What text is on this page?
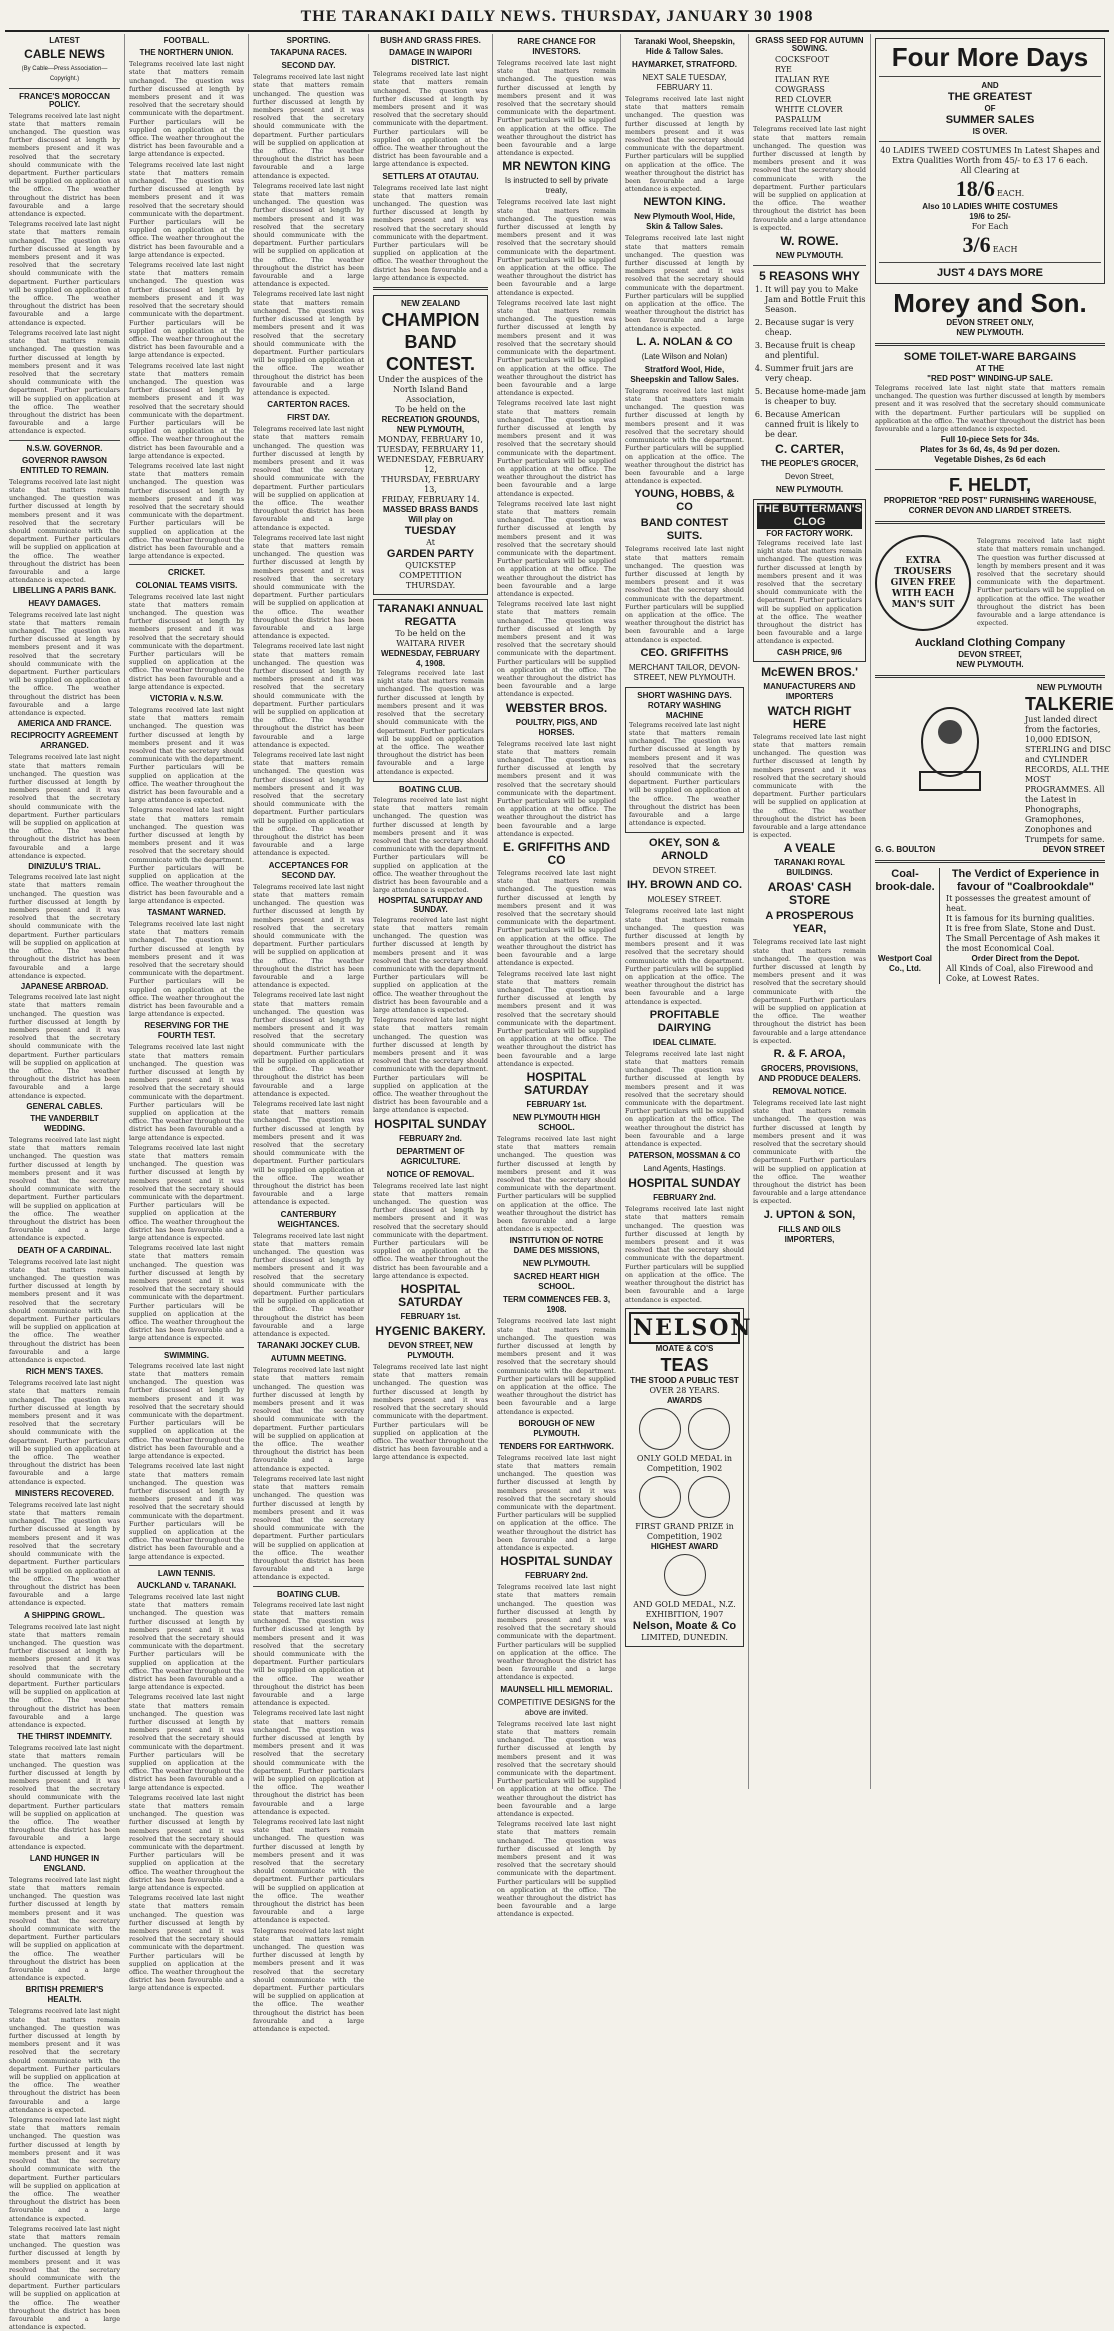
THE TARANAKI DAILY NEWS. THURSDAY, JANUARY 30 1908
LATEST
CABLE NEWS
(By Cable—Press Association—Copyright.)
FRANCE'S MOROCCAN POLICY.

Telegrams received late last night state that matters remain unchanged. The question was further discussed at length by members present and it was resolved that the secretary should communicate with the department. Further particulars will be supplied on application at the office. The weather throughout the district has been favourable and a large attendance is expected.

Telegrams received late last night state that matters remain unchanged. The question was further discussed at length by members present and it was resolved that the secretary should communicate with the department. Further particulars will be supplied on application at the office. The weather throughout the district has been favourable and a large attendance is expected.

Telegrams received late last night state that matters remain unchanged. The question was further discussed at length by members present and it was resolved that the secretary should communicate with the department. Further particulars will be supplied on application at the office. The weather throughout the district has been favourable and a large attendance is expected.

N.S.W. GOVERNOR.
GOVERNOR RAWSON ENTITLED TO REMAIN.

Telegrams received late last night state that matters remain unchanged. The question was further discussed at length by members present and it was resolved that the secretary should communicate with the department. Further particulars will be supplied on application at the office. The weather throughout the district has been favourable and a large attendance is expected.

LIBELLING A PARIS BANK.
HEAVY DAMAGES.

Telegrams received late last night state that matters remain unchanged. The question was further discussed at length by members present and it was resolved that the secretary should communicate with the department. Further particulars will be supplied on application at the office. The weather throughout the district has been favourable and a large attendance is expected.

AMERICA AND FRANCE.
RECIPROCITY AGREEMENT ARRANGED.

Telegrams received late last night state that matters remain unchanged. The question was further discussed at length by members present and it was resolved that the secretary should communicate with the department. Further particulars will be supplied on application at the office. The weather throughout the district has been favourable and a large attendance is expected.

DINIZULU'S TRIAL.

Telegrams received late last night state that matters remain unchanged. The question was further discussed at length by members present and it was resolved that the secretary should communicate with the department. Further particulars will be supplied on application at the office. The weather throughout the district has been favourable and a large attendance is expected.

JAPANESE ARBROAD.

Telegrams received late last night state that matters remain unchanged. The question was further discussed at length by members present and it was resolved that the secretary should communicate with the department. Further particulars will be supplied on application at the office. The weather throughout the district has been favourable and a large attendance is expected.

GENERAL CABLES.
THE VANDERBILT WEDDING.

Telegrams received late last night state that matters remain unchanged. The question was further discussed at length by members present and it was resolved that the secretary should communicate with the department. Further particulars will be supplied on application at the office. The weather throughout the district has been favourable and a large attendance is expected.

DEATH OF A CARDINAL.

Telegrams received late last night state that matters remain unchanged. The question was further discussed at length by members present and it was resolved that the secretary should communicate with the department. Further particulars will be supplied on application at the office. The weather throughout the district has been favourable and a large attendance is expected.

RICH MEN'S TAXES.

Telegrams received late last night state that matters remain unchanged. The question was further discussed at length by members present and it was resolved that the secretary should communicate with the department. Further particulars will be supplied on application at the office. The weather throughout the district has been favourable and a large attendance is expected.

MINISTERS RECOVERED.

Telegrams received late last night state that matters remain unchanged. The question was further discussed at length by members present and it was resolved that the secretary should communicate with the department. Further particulars will be supplied on application at the office. The weather throughout the district has been favourable and a large attendance is expected.

A SHIPPING GROWL.

Telegrams received late last night state that matters remain unchanged. The question was further discussed at length by members present and it was resolved that the secretary should communicate with the department. Further particulars will be supplied on application at the office. The weather throughout the district has been favourable and a large attendance is expected.

THE THIRST INDEMNITY.

Telegrams received late last night state that matters remain unchanged. The question was further discussed at length by members present and it was resolved that the secretary should communicate with the department. Further particulars will be supplied on application at the office. The weather throughout the district has been favourable and a large attendance is expected.

LAND HUNGER IN ENGLAND.

Telegrams received late last night state that matters remain unchanged. The question was further discussed at length by members present and it was resolved that the secretary should communicate with the department. Further particulars will be supplied on application at the office. The weather throughout the district has been favourable and a large attendance is expected.

BRITISH PREMIER'S HEALTH.

Telegrams received late last night state that matters remain unchanged. The question was further discussed at length by members present and it was resolved that the secretary should communicate with the department. Further particulars will be supplied on application at the office. The weather throughout the district has been favourable and a large attendance is expected.

Telegrams received late last night state that matters remain unchanged. The question was further discussed at length by members present and it was resolved that the secretary should communicate with the department. Further particulars will be supplied on application at the office. The weather throughout the district has been favourable and a large attendance is expected.

Telegrams received late last night state that matters remain unchanged. The question was further discussed at length by members present and it was resolved that the secretary should communicate with the department. Further particulars will be supplied on application at the office. The weather throughout the district has been favourable and a large attendance is expected.

FOOTBALL.
THE NORTHERN UNION.

Telegrams received late last night state that matters remain unchanged. The question was further discussed at length by members present and it was resolved that the secretary should communicate with the department. Further particulars will be supplied on application at the office. The weather throughout the district has been favourable and a large attendance is expected.

Telegrams received late last night state that matters remain unchanged. The question was further discussed at length by members present and it was resolved that the secretary should communicate with the department. Further particulars will be supplied on application at the office. The weather throughout the district has been favourable and a large attendance is expected.

Telegrams received late last night state that matters remain unchanged. The question was further discussed at length by members present and it was resolved that the secretary should communicate with the department. Further particulars will be supplied on application at the office. The weather throughout the district has been favourable and a large attendance is expected.

Telegrams received late last night state that matters remain unchanged. The question was further discussed at length by members present and it was resolved that the secretary should communicate with the department. Further particulars will be supplied on application at the office. The weather throughout the district has been favourable and a large attendance is expected.

Telegrams received late last night state that matters remain unchanged. The question was further discussed at length by members present and it was resolved that the secretary should communicate with the department. Further particulars will be supplied on application at the office. The weather throughout the district has been favourable and a large attendance is expected.

CRICKET.
COLONIAL TEAMS VISITS.

Telegrams received late last night state that matters remain unchanged. The question was further discussed at length by members present and it was resolved that the secretary should communicate with the department. Further particulars will be supplied on application at the office. The weather throughout the district has been favourable and a large attendance is expected.

VICTORIA v. N.S.W.

Telegrams received late last night state that matters remain unchanged. The question was further discussed at length by members present and it was resolved that the secretary should communicate with the department. Further particulars will be supplied on application at the office. The weather throughout the district has been favourable and a large attendance is expected.

Telegrams received late last night state that matters remain unchanged. The question was further discussed at length by members present and it was resolved that the secretary should communicate with the department. Further particulars will be supplied on application at the office. The weather throughout the district has been favourable and a large attendance is expected.

TASMANT WARNED.

Telegrams received late last night state that matters remain unchanged. The question was further discussed at length by members present and it was resolved that the secretary should communicate with the department. Further particulars will be supplied on application at the office. The weather throughout the district has been favourable and a large attendance is expected.

RESERVING FOR THE FOURTH TEST.

Telegrams received late last night state that matters remain unchanged. The question was further discussed at length by members present and it was resolved that the secretary should communicate with the department. Further particulars will be supplied on application at the office. The weather throughout the district has been favourable and a large attendance is expected.

Telegrams received late last night state that matters remain unchanged. The question was further discussed at length by members present and it was resolved that the secretary should communicate with the department. Further particulars will be supplied on application at the office. The weather throughout the district has been favourable and a large attendance is expected.

Telegrams received late last night state that matters remain unchanged. The question was further discussed at length by members present and it was resolved that the secretary should communicate with the department. Further particulars will be supplied on application at the office. The weather throughout the district has been favourable and a large attendance is expected.

SWIMMING.

Telegrams received late last night state that matters remain unchanged. The question was further discussed at length by members present and it was resolved that the secretary should communicate with the department. Further particulars will be supplied on application at the office. The weather throughout the district has been favourable and a large attendance is expected.

Telegrams received late last night state that matters remain unchanged. The question was further discussed at length by members present and it was resolved that the secretary should communicate with the department. Further particulars will be supplied on application at the office. The weather throughout the district has been favourable and a large attendance is expected.

LAWN TENNIS.
AUCKLAND v. TARANAKI.

Telegrams received late last night state that matters remain unchanged. The question was further discussed at length by members present and it was resolved that the secretary should communicate with the department. Further particulars will be supplied on application at the office. The weather throughout the district has been favourable and a large attendance is expected.

Telegrams received late last night state that matters remain unchanged. The question was further discussed at length by members present and it was resolved that the secretary should communicate with the department. Further particulars will be supplied on application at the office. The weather throughout the district has been favourable and a large attendance is expected.

Telegrams received late last night state that matters remain unchanged. The question was further discussed at length by members present and it was resolved that the secretary should communicate with the department. Further particulars will be supplied on application at the office. The weather throughout the district has been favourable and a large attendance is expected.

Telegrams received late last night state that matters remain unchanged. The question was further discussed at length by members present and it was resolved that the secretary should communicate with the department. Further particulars will be supplied on application at the office. The weather throughout the district has been favourable and a large attendance is expected.

SPORTING.
TAKAPUNA RACES.
SECOND DAY.

Telegrams received late last night state that matters remain unchanged. The question was further discussed at length by members present and it was resolved that the secretary should communicate with the department. Further particulars will be supplied on application at the office. The weather throughout the district has been favourable and a large attendance is expected.

Telegrams received late last night state that matters remain unchanged. The question was further discussed at length by members present and it was resolved that the secretary should communicate with the department. Further particulars will be supplied on application at the office. The weather throughout the district has been favourable and a large attendance is expected.

Telegrams received late last night state that matters remain unchanged. The question was further discussed at length by members present and it was resolved that the secretary should communicate with the department. Further particulars will be supplied on application at the office. The weather throughout the district has been favourable and a large attendance is expected.

CARTERTON RACES.
FIRST DAY.

Telegrams received late last night state that matters remain unchanged. The question was further discussed at length by members present and it was resolved that the secretary should communicate with the department. Further particulars will be supplied on application at the office. The weather throughout the district has been favourable and a large attendance is expected.

Telegrams received late last night state that matters remain unchanged. The question was further discussed at length by members present and it was resolved that the secretary should communicate with the department. Further particulars will be supplied on application at the office. The weather throughout the district has been favourable and a large attendance is expected.

Telegrams received late last night state that matters remain unchanged. The question was further discussed at length by members present and it was resolved that the secretary should communicate with the department. Further particulars will be supplied on application at the office. The weather throughout the district has been favourable and a large attendance is expected.

Telegrams received late last night state that matters remain unchanged. The question was further discussed at length by members present and it was resolved that the secretary should communicate with the department. Further particulars will be supplied on application at the office. The weather throughout the district has been favourable and a large attendance is expected.

ACCEPTANCES FOR SECOND DAY.

Telegrams received late last night state that matters remain unchanged. The question was further discussed at length by members present and it was resolved that the secretary should communicate with the department. Further particulars will be supplied on application at the office. The weather throughout the district has been favourable and a large attendance is expected.

Telegrams received late last night state that matters remain unchanged. The question was further discussed at length by members present and it was resolved that the secretary should communicate with the department. Further particulars will be supplied on application at the office. The weather throughout the district has been favourable and a large attendance is expected.

Telegrams received late last night state that matters remain unchanged. The question was further discussed at length by members present and it was resolved that the secretary should communicate with the department. Further particulars will be supplied on application at the office. The weather throughout the district has been favourable and a large attendance is expected.

CANTERBURY WEIGHTANCES.

Telegrams received late last night state that matters remain unchanged. The question was further discussed at length by members present and it was resolved that the secretary should communicate with the department. Further particulars will be supplied on application at the office. The weather throughout the district has been favourable and a large attendance is expected.

TARANAKI JOCKEY CLUB.
AUTUMN MEETING.

Telegrams received late last night state that matters remain unchanged. The question was further discussed at length by members present and it was resolved that the secretary should communicate with the department. Further particulars will be supplied on application at the office. The weather throughout the district has been favourable and a large attendance is expected.

Telegrams received late last night state that matters remain unchanged. The question was further discussed at length by members present and it was resolved that the secretary should communicate with the department. Further particulars will be supplied on application at the office. The weather throughout the district has been favourable and a large attendance is expected.

BOATING CLUB.

Telegrams received late last night state that matters remain unchanged. The question was further discussed at length by members present and it was resolved that the secretary should communicate with the department. Further particulars will be supplied on application at the office. The weather throughout the district has been favourable and a large attendance is expected.

Telegrams received late last night state that matters remain unchanged. The question was further discussed at length by members present and it was resolved that the secretary should communicate with the department. Further particulars will be supplied on application at the office. The weather throughout the district has been favourable and a large attendance is expected.

Telegrams received late last night state that matters remain unchanged. The question was further discussed at length by members present and it was resolved that the secretary should communicate with the department. Further particulars will be supplied on application at the office. The weather throughout the district has been favourable and a large attendance is expected.

Telegrams received late last night state that matters remain unchanged. The question was further discussed at length by members present and it was resolved that the secretary should communicate with the department. Further particulars will be supplied on application at the office. The weather throughout the district has been favourable and a large attendance is expected.

BUSH AND GRASS FIRES.
DAMAGE IN WAIPORI DISTRICT.

Telegrams received late last night state that matters remain unchanged. The question was further discussed at length by members present and it was resolved that the secretary should communicate with the department. Further particulars will be supplied on application at the office. The weather throughout the district has been favourable and a large attendance is expected.

SETTLERS AT OTAUTAU.

Telegrams received late last night state that matters remain unchanged. The question was further discussed at length by members present and it was resolved that the secretary should communicate with the department. Further particulars will be supplied on application at the office. The weather throughout the district has been favourable and a large attendance is expected.

NEW ZEALAND
CHAMPION BAND CONTEST.
Under the auspices of the North Island Band Association,
To be held on the
RECREATION GROUNDS, NEW PLYMOUTH,
MONDAY, FEBRUARY 10,
TUESDAY, FEBRUARY 11,
WEDNESDAY, FEBRUARY 12,
THURSDAY, FEBRUARY 13,
FRIDAY, FEBRUARY 14.
MASSED BRASS BANDS Will play on
TUESDAY
At
GARDEN PARTY
QUICKSTEP COMPETITION THURSDAY.
TARANAKI ANNUAL REGATTA
To be held on the WAITARA RIVER
WEDNESDAY, FEBRUARY 4, 1908.

Telegrams received late last night state that matters remain unchanged. The question was further discussed at length by members present and it was resolved that the secretary should communicate with the department. Further particulars will be supplied on application at the office. The weather throughout the district has been favourable and a large attendance is expected.

BOATING CLUB.

Telegrams received late last night state that matters remain unchanged. The question was further discussed at length by members present and it was resolved that the secretary should communicate with the department. Further particulars will be supplied on application at the office. The weather throughout the district has been favourable and a large attendance is expected.

HOSPITAL SATURDAY AND SUNDAY.

Telegrams received late last night state that matters remain unchanged. The question was further discussed at length by members present and it was resolved that the secretary should communicate with the department. Further particulars will be supplied on application at the office. The weather throughout the district has been favourable and a large attendance is expected.

Telegrams received late last night state that matters remain unchanged. The question was further discussed at length by members present and it was resolved that the secretary should communicate with the department. Further particulars will be supplied on application at the office. The weather throughout the district has been favourable and a large attendance is expected.

HOSPITAL SUNDAY
FEBRUARY 2nd.
DEPARTMENT OF AGRICULTURE.
NOTICE OF REMOVAL.

Telegrams received late last night state that matters remain unchanged. The question was further discussed at length by members present and it was resolved that the secretary should communicate with the department. Further particulars will be supplied on application at the office. The weather throughout the district has been favourable and a large attendance is expected.

HOSPITAL SATURDAY
FEBRUARY 1st.
HYGENIC BAKERY.
DEVON STREET, NEW PLYMOUTH.

Telegrams received late last night state that matters remain unchanged. The question was further discussed at length by members present and it was resolved that the secretary should communicate with the department. Further particulars will be supplied on application at the office. The weather throughout the district has been favourable and a large attendance is expected.

RARE CHANCE FOR INVESTORS.

Telegrams received late last night state that matters remain unchanged. The question was further discussed at length by members present and it was resolved that the secretary should communicate with the department. Further particulars will be supplied on application at the office. The weather throughout the district has been favourable and a large attendance is expected.

MR NEWTON KING
Is instructed to sell by private treaty,

Telegrams received late last night state that matters remain unchanged. The question was further discussed at length by members present and it was resolved that the secretary should communicate with the department. Further particulars will be supplied on application at the office. The weather throughout the district has been favourable and a large attendance is expected.

Telegrams received late last night state that matters remain unchanged. The question was further discussed at length by members present and it was resolved that the secretary should communicate with the department. Further particulars will be supplied on application at the office. The weather throughout the district has been favourable and a large attendance is expected.

Telegrams received late last night state that matters remain unchanged. The question was further discussed at length by members present and it was resolved that the secretary should communicate with the department. Further particulars will be supplied on application at the office. The weather throughout the district has been favourable and a large attendance is expected.

Telegrams received late last night state that matters remain unchanged. The question was further discussed at length by members present and it was resolved that the secretary should communicate with the department. Further particulars will be supplied on application at the office. The weather throughout the district has been favourable and a large attendance is expected.

Telegrams received late last night state that matters remain unchanged. The question was further discussed at length by members present and it was resolved that the secretary should communicate with the department. Further particulars will be supplied on application at the office. The weather throughout the district has been favourable and a large attendance is expected.

WEBSTER BROS.
POULTRY, PIGS, AND HORSES.

Telegrams received late last night state that matters remain unchanged. The question was further discussed at length by members present and it was resolved that the secretary should communicate with the department. Further particulars will be supplied on application at the office. The weather throughout the district has been favourable and a large attendance is expected.

E. GRIFFITHS AND CO

Telegrams received late last night state that matters remain unchanged. The question was further discussed at length by members present and it was resolved that the secretary should communicate with the department. Further particulars will be supplied on application at the office. The weather throughout the district has been favourable and a large attendance is expected.

Telegrams received late last night state that matters remain unchanged. The question was further discussed at length by members present and it was resolved that the secretary should communicate with the department. Further particulars will be supplied on application at the office. The weather throughout the district has been favourable and a large attendance is expected.

HOSPITAL SATURDAY
FEBRUARY 1st.
NEW PLYMOUTH HIGH SCHOOL.

Telegrams received late last night state that matters remain unchanged. The question was further discussed at length by members present and it was resolved that the secretary should communicate with the department. Further particulars will be supplied on application at the office. The weather throughout the district has been favourable and a large attendance is expected.

INSTITUTION OF NOTRE DAME DES MISSIONS,
NEW PLYMOUTH.
SACRED HEART HIGH SCHOOL.
TERM COMMENCES FEB. 3, 1908.

Telegrams received late last night state that matters remain unchanged. The question was further discussed at length by members present and it was resolved that the secretary should communicate with the department. Further particulars will be supplied on application at the office. The weather throughout the district has been favourable and a large attendance is expected.

BOROUGH OF NEW PLYMOUTH.
TENDERS FOR EARTHWORK.

Telegrams received late last night state that matters remain unchanged. The question was further discussed at length by members present and it was resolved that the secretary should communicate with the department. Further particulars will be supplied on application at the office. The weather throughout the district has been favourable and a large attendance is expected.

HOSPITAL SUNDAY
FEBRUARY 2nd.

Telegrams received late last night state that matters remain unchanged. The question was further discussed at length by members present and it was resolved that the secretary should communicate with the department. Further particulars will be supplied on application at the office. The weather throughout the district has been favourable and a large attendance is expected.

MAUNSELL HILL MEMORIAL.
COMPETITIVE DESIGNS for the above are invited.

Telegrams received late last night state that matters remain unchanged. The question was further discussed at length by members present and it was resolved that the secretary should communicate with the department. Further particulars will be supplied on application at the office. The weather throughout the district has been favourable and a large attendance is expected.

Telegrams received late last night state that matters remain unchanged. The question was further discussed at length by members present and it was resolved that the secretary should communicate with the department. Further particulars will be supplied on application at the office. The weather throughout the district has been favourable and a large attendance is expected.

Taranaki Wool, Sheepskin, Hide & Tallow Sales.
HAYMARKET, STRATFORD.
NEXT SALE TUESDAY, FEBRUARY 11.

Telegrams received late last night state that matters remain unchanged. The question was further discussed at length by members present and it was resolved that the secretary should communicate with the department. Further particulars will be supplied on application at the office. The weather throughout the district has been favourable and a large attendance is expected.

NEWTON KING.
New Plymouth Wool, Hide, Skin & Tallow Sales.

Telegrams received late last night state that matters remain unchanged. The question was further discussed at length by members present and it was resolved that the secretary should communicate with the department. Further particulars will be supplied on application at the office. The weather throughout the district has been favourable and a large attendance is expected.

L. A. NOLAN & CO
(Late Wilson and Nolan)
Stratford Wool, Hide, Sheepskin and Tallow Sales.

Telegrams received late last night state that matters remain unchanged. The question was further discussed at length by members present and it was resolved that the secretary should communicate with the department. Further particulars will be supplied on application at the office. The weather throughout the district has been favourable and a large attendance is expected.

YOUNG, HOBBS, & CO
BAND CONTEST SUITS.

Telegrams received late last night state that matters remain unchanged. The question was further discussed at length by members present and it was resolved that the secretary should communicate with the department. Further particulars will be supplied on application at the office. The weather throughout the district has been favourable and a large attendance is expected.

CEO. GRIFFITHS
MERCHANT TAILOR, DEVON-STREET, NEW PLYMOUTH.
SHORT WASHING DAYS.
ROTARY WASHING MACHINE

Telegrams received late last night state that matters remain unchanged. The question was further discussed at length by members present and it was resolved that the secretary should communicate with the department. Further particulars will be supplied on application at the office. The weather throughout the district has been favourable and a large attendance is expected.

OKEY, SON & ARNOLD
DEVON STREET.
IHY. BROWN AND CO.
MOLESEY STREET.

Telegrams received late last night state that matters remain unchanged. The question was further discussed at length by members present and it was resolved that the secretary should communicate with the department. Further particulars will be supplied on application at the office. The weather throughout the district has been favourable and a large attendance is expected.

PROFITABLE DAIRYING
IDEAL CLIMATE.

Telegrams received late last night state that matters remain unchanged. The question was further discussed at length by members present and it was resolved that the secretary should communicate with the department. Further particulars will be supplied on application at the office. The weather throughout the district has been favourable and a large attendance is expected.

PATERSON, MOSSMAN & CO
Land Agents, Hastings.
HOSPITAL SUNDAY
FEBRUARY 2nd.

Telegrams received late last night state that matters remain unchanged. The question was further discussed at length by members present and it was resolved that the secretary should communicate with the department. Further particulars will be supplied on application at the office. The weather throughout the district has been favourable and a large attendance is expected.

NELSON
MOATE & CO'S
TEAS
THE STOOD A PUBLIC TEST
OVER 28 YEARS.
AWARDS

ONLY GOLD MEDAL in Competition, 1902

FIRST GRAND PRIZE in Competition, 1902
HIGHEST AWARD
AND GOLD MEDAL, N.Z. EXHIBITION, 1907
Nelson, Moate & Co
LIMITED, DUNEDIN.
GRASS SEED FOR AUTUMN SOWING.
COCKSFOOT
RYE
ITALIAN RYE
COWGRASS
RED CLOVER
WHITE CLOVER
PASPALUM

Telegrams received late last night state that matters remain unchanged. The question was further discussed at length by members present and it was resolved that the secretary should communicate with the department. Further particulars will be supplied on application at the office. The weather throughout the district has been favourable and a large attendance is expected.

W. ROWE.
NEW PLYMOUTH.
5 REASONS WHY
1. It will pay you to Make Jam and Bottle Fruit this Season.
2. Because sugar is very cheap.
3. Because fruit is cheap and plentiful.
4. Summer fruit jars are very cheap.
5. Because home-made jam is cheaper to buy.
6. Because American canned fruit is likely to be dear.
C. CARTER,
THE PEOPLE'S GROCER,
Devon Street,
NEW PLYMOUTH.
THE BUTTERMAN'S CLOG
FOR FACTORY WORK.

Telegrams received late last night state that matters remain unchanged. The question was further discussed at length by members present and it was resolved that the secretary should communicate with the department. Further particulars will be supplied on application at the office. The weather throughout the district has been favourable and a large attendance is expected.

CASH PRICE, 9/6
McEWEN BROS.'
MANUFACTURERS AND IMPORTERS
WATCH RIGHT HERE

Telegrams received late last night state that matters remain unchanged. The question was further discussed at length by members present and it was resolved that the secretary should communicate with the department. Further particulars will be supplied on application at the office. The weather throughout the district has been favourable and a large attendance is expected.

A VEALE
TARANAKI ROYAL BUILDINGS.
AROAS' CASH STORE
A PROSPEROUS YEAR,

Telegrams received late last night state that matters remain unchanged. The question was further discussed at length by members present and it was resolved that the secretary should communicate with the department. Further particulars will be supplied on application at the office. The weather throughout the district has been favourable and a large attendance is expected.

R. & F. AROA,
GROCERS, PROVISIONS, AND PRODUCE DEALERS.
REMOVAL NOTICE.

Telegrams received late last night state that matters remain unchanged. The question was further discussed at length by members present and it was resolved that the secretary should communicate with the department. Further particulars will be supplied on application at the office. The weather throughout the district has been favourable and a large attendance is expected.

J. UPTON & SON,
FILLS AND OILS IMPORTERS,
Four More Days
AND
THE GREATEST
OF
SUMMER SALES
IS OVER.
40 LADIES TWEED COSTUMES In Latest Shapes and Extra Qualities Worth from 45/- to £3 17 6 each.
All Clearing at
18/6 EACH.
Also 10 LADIES WHITE COSTUMES
19/6 to 25/-
For Each
3/6 EACH
JUST 4 DAYS MORE
Morey and Son.
DEVON STREET ONLY,
NEW PLYMOUTH.
SOME TOILET-WARE BARGAINS
AT THE
"RED POST" WINDING-UP SALE.

Telegrams received late last night state that matters remain unchanged. The question was further discussed at length by members present and it was resolved that the secretary should communicate with the department. Further particulars will be supplied on application at the office. The weather throughout the district has been favourable and a large attendance is expected.

Full 10-piece Sets for 34s.
Plates for 3s 6d, 4s, 4s 9d per dozen.
Vegetable Dishes, 2s 6d each
F. HELDT,
PROPRIETOR "RED POST" FURNISHING WAREHOUSE,
CORNER DEVON AND LIARDET STREETS.
EXTRA TROUSERS GIVEN FREE WITH EACH MAN'S SUIT

Telegrams received late last night state that matters remain unchanged. The question was further discussed at length by members present and it was resolved that the secretary should communicate with the department. Further particulars will be supplied on application at the office. The weather throughout the district has been favourable and a large attendance is expected.

Auckland Clothing Company
DEVON STREET,
NEW PLYMOUTH.
NEW PLYMOUTH
TALKERIE
Just landed direct from the factories, 10,000 EDISON, STERLING and DISC and CYLINDER RECORDS, ALL THE MOST PROGRAMMES. All the Latest in Phonographs, Gramophones, Zonophones and Trumpets for same.
G. G. BOULTON	DEVON STREET
Coal-brook-dale.
Westport Coal Co., Ltd.
The Verdict of Experience in favour of "Coalbrookdale"
It possesses the greatest amount of heat.
It is famous for its burning qualities.
It is free from Slate, Stone and Dust.
The Small Percentage of Ash makes it the most Economical Coal.
Order Direct from the Depot.
All Kinds of Coal, also Firewood and Coke, at Lowest Rates.
